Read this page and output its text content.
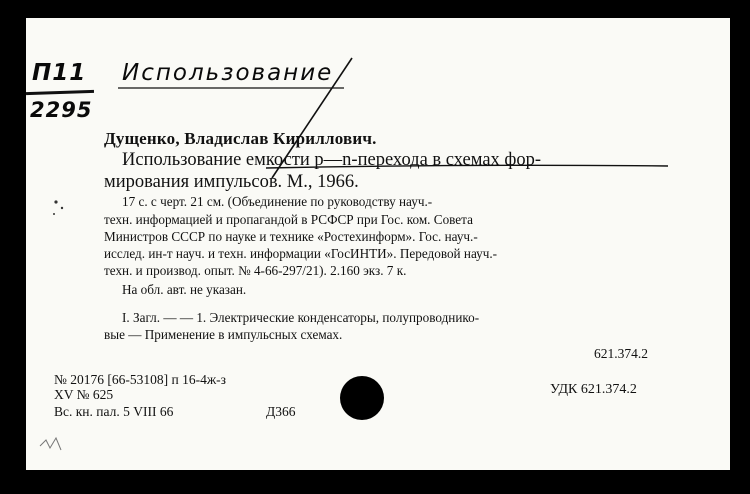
П11
2295
Использование
Дущенко, Владислав Кириллович.
Использование емкости p—n-перехода в схемах фор-
мирования импульсов. М., 1966.
17 с. с черт. 21 см. (Объединение по руководству науч.-
техн. информацией и пропагандой в РСФСР при Гос. ком. Совета
Министров СССР по науке и технике «Ростехинформ». Гос. науч.-
исслед. ин-т науч. и техн. информации «ГосИНТИ». Передовой науч.-
техн. и производ. опыт. № 4-66-297/21). 2.160 экз. 7 к.
На обл. авт. не указан.
I. Загл. — — 1. Электрические конденсаторы, полупроводнико-
вые — Применение в импульсных схемах.
621.374.2
УДК 621.374.2
№ 20176 [66-53108] п 16-4ж-з
XV № 625
Вс. кн. пал. 5 VIII 66	Д366
